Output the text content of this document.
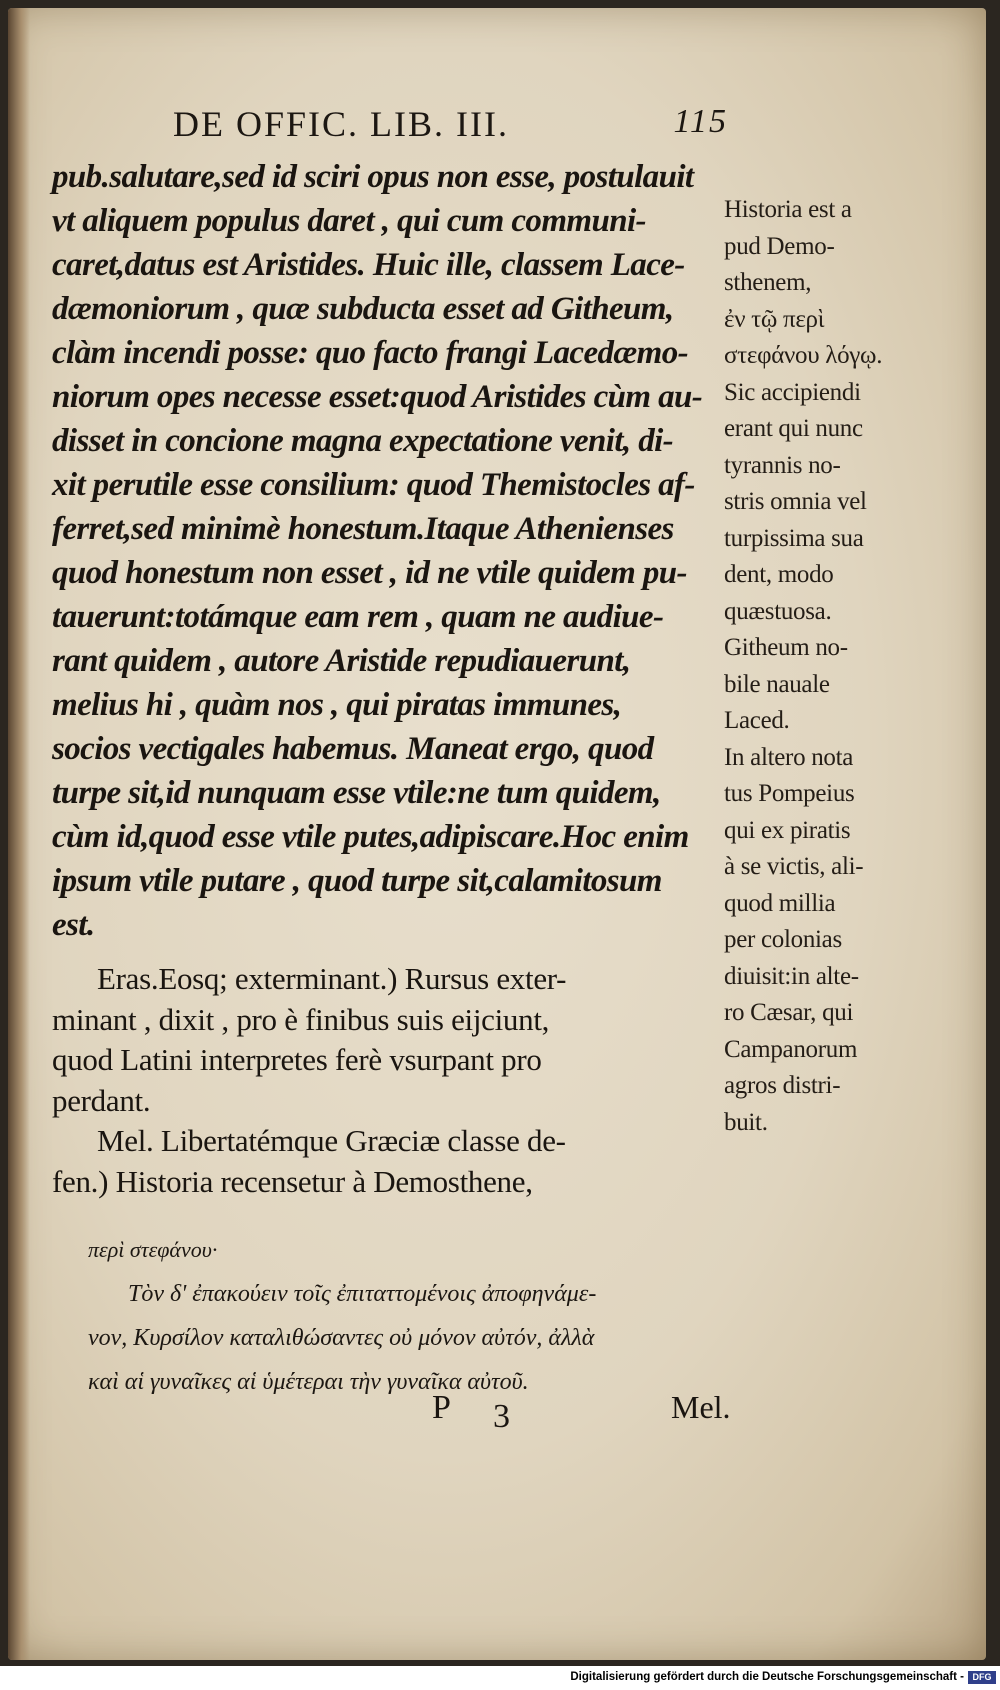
DE OFFIC. LIB. III.	115
pub.salutare,sed id sciri opus non esse, postulauit
vt aliquem populus daret , qui cum communi-
caret,datus est Aristides. Huic ille, classem Lace-
dæmoniorum , quæ subducta esset ad Githeum,
clàm incendi posse: quo facto frangi Lacedæmo-
niorum opes necesse esset:quod Aristides cùm au-
disset in concione magna expectatione venit, di-
xit perutile esse consilium: quod Themistocles af-
ferret,sed minimè honestum.Itaque Athenienses
quod honestum non esset , id ne vtile quidem pu-
tauerunt:totámque eam rem , quam ne audiue-
rant quidem , autore Aristide repudiauerunt,
melius hi , quàm nos , qui piratas immunes,
socios vectigales habemus. Maneat ergo, quod
turpe sit,id nunquam esse vtile:ne tum quidem,
cùm id,quod esse vtile putes,adipiscare.Hoc enim
ipsum vtile putare , quod turpe sit,calamitosum
est.
Eras.Eosq; exterminant.) Rursus exter-
minant , dixit , pro è finibus suis eijciunt,
quod Latini interpretes ferè vsurpant pro
perdant.
Mel. Libertatémque Græciæ classe de-
fen.) Historia recensetur à Demosthene,
Historia est a
pud Demo-
sthenem,
ἐν τῷ περὶ
στεφάνου λόγῳ.
Sic accipiendi
erant qui nunc
tyrannis no-
stris omnia vel
turpissima sua
dent, modo
quæstuosa.
Githeum no-
bile nauale
Laced.
In altero nota
tus Pompeius
qui ex piratis
à se victis, ali-
quod millia
per colonias
diuisit:in alte-
ro Cæsar, qui
Campanorum
agros distri-
buit.
περὶ στεφάνου·
Τὸν δ' ἐπακούειν τοῖς ἐπιταττομένοις ἀποφηνάμε-
νον, Κυρσίλον καταλιθώσαντες οὐ μόνον αὐτόν, ἀλλὰ
καὶ αἱ γυναῖκες αἱ ὑμέτεραι τὴν γυναῖκα αὐτοῦ.
P 3	Mel.
Digitalisierung gefördert durch die Deutsche Forschungsgemeinschaft - DFG
